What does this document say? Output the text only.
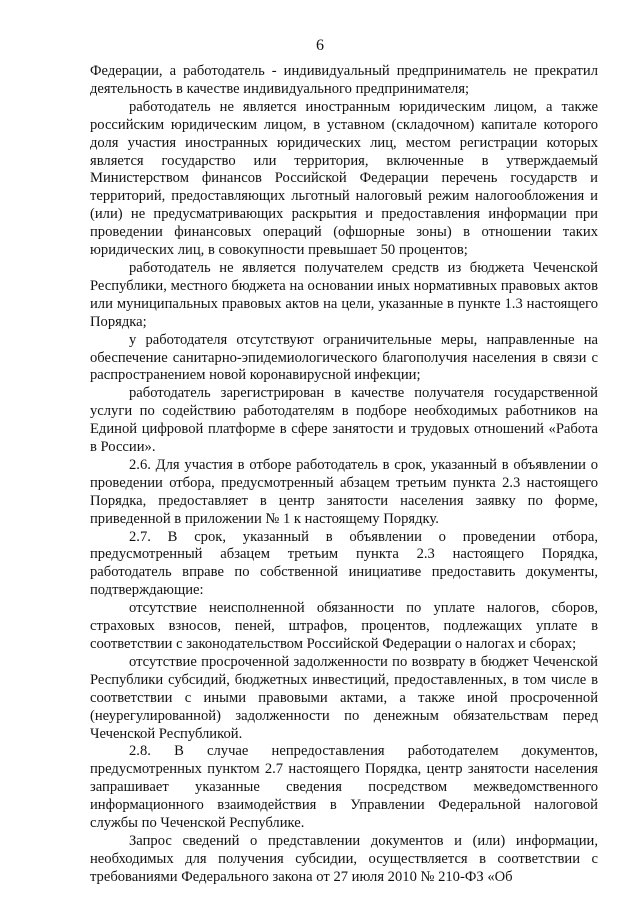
6

Федерации, а работодатель - индивидуальный предприниматель не прекратил деятельность в качестве индивидуального предпринимателя;

работодатель не является иностранным юридическим лицом, а также российским юридическим лицом, в уставном (складочном) капитале которого доля участия иностранных юридических лиц, местом регистрации которых является государство или территория, включенные в утверждаемый Министерством финансов Российской Федерации перечень государств и территорий, предоставляющих льготный налоговый режим налогообложения и (или) не предусматривающих раскрытия и предоставления информации при проведении финансовых операций (офшорные зоны) в отношении таких юридических лиц, в совокупности превышает 50 процентов;

работодатель не является получателем средств из бюджета Чеченской Республики, местного бюджета на основании иных нормативных правовых актов или муниципальных правовых актов на цели, указанные в пункте 1.3 настоящего Порядка;

у работодателя отсутствуют ограничительные меры, направленные на обеспечение санитарно-эпидемиологического благополучия населения в связи с распространением новой коронавирусной инфекции;

работодатель зарегистрирован в качестве получателя государственной услуги по содействию работодателям в подборе необходимых работников на Единой цифровой платформе в сфере занятости и трудовых отношений «Работа в России».

2.6. Для участия в отборе работодатель в срок, указанный в объявлении о проведении отбора, предусмотренный абзацем третьим пункта 2.3 настоящего Порядка, предоставляет в центр занятости населения заявку по форме, приведенной в приложении № 1 к настоящему Порядку.

2.7. В срок, указанный в объявлении о проведении отбора, предусмотренный абзацем третьим пункта 2.3 настоящего Порядка, работодатель вправе по собственной инициативе предоставить документы, подтверждающие:

отсутствие неисполненной обязанности по уплате налогов, сборов, страховых взносов, пеней, штрафов, процентов, подлежащих уплате в соответствии с законодательством Российской Федерации о налогах и сборах;

отсутствие просроченной задолженности по возврату в бюджет Чеченской Республики субсидий, бюджетных инвестиций, предоставленных, в том числе в соответствии с иными правовыми актами, а также иной просроченной (неурегулированной) задолженности по денежным обязательствам перед Чеченской Республикой.

2.8. В случае непредоставления работодателем документов, предусмотренных пунктом 2.7 настоящего Порядка, центр занятости населения запрашивает указанные сведения посредством межведомственного информационного взаимодействия в Управлении Федеральной налоговой службы по Чеченской Республике.

Запрос сведений о представлении документов и (или) информации, необходимых для получения субсидии, осуществляется в соответствии с требованиями Федерального закона от 27 июля 2010 № 210-ФЗ «Об
